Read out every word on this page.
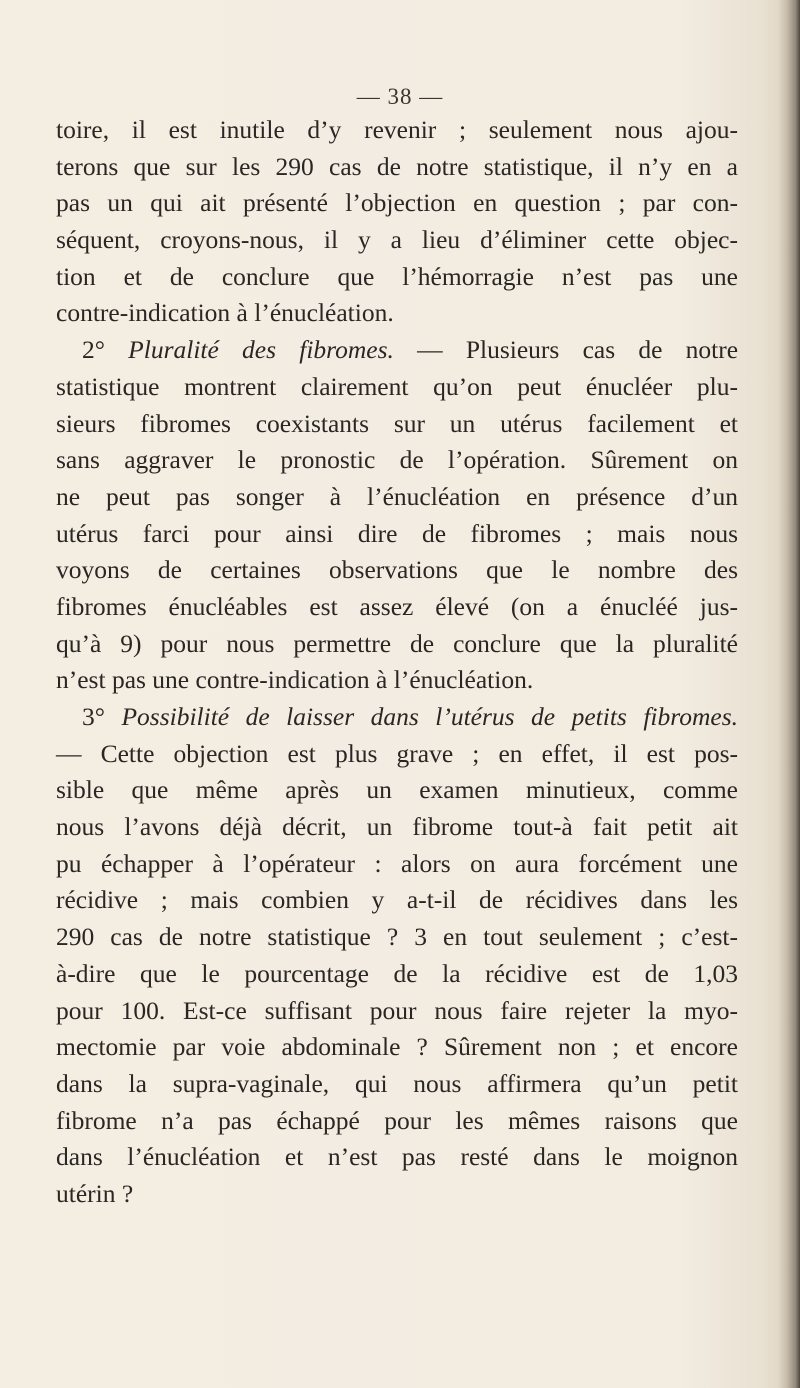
— 38 —
toire, il est inutile d’y revenir ; seulement nous ajou-
terons que sur les 290 cas de notre statistique, il n’y en a
pas un qui ait présenté l’objection en question ; par con-
séquent, croyons-nous, il y a lieu d’éliminer cette objec-
tion et de conclure que l’hémorragie n’est pas une
contre-indication à l’énucléation.
2° Pluralité des fibromes. — Plusieurs cas de notre
statistique montrent clairement qu’on peut énucléer plu-
sieurs fibromes coexistants sur un utérus facilement et
sans aggraver le pronostic de l’opération. Sûrement on
ne peut pas songer à l’énucléation en présence d’un
utérus farci pour ainsi dire de fibromes ; mais nous
voyons de certaines observations que le nombre des
fibromes énucléables est assez élevé (on a énucléé jus-
qu’à 9) pour nous permettre de conclure que la pluralité
n’est pas une contre-indication à l’énucléation.
3° Possibilité de laisser dans l’utérus de petits fibromes.
— Cette objection est plus grave ; en effet, il est pos-
sible que même après un examen minutieux, comme
nous l’avons déjà décrit, un fibrome tout-à fait petit ait
pu échapper à l’opérateur : alors on aura forcément une
récidive ; mais combien y a-t-il de récidives dans les
290 cas de notre statistique ? 3 en tout seulement ; c’est-
à-dire que le pourcentage de la récidive est de 1,03
pour 100. Est-ce suffisant pour nous faire rejeter la myo-
mectomie par voie abdominale ? Sûrement non ; et encore
dans la supra-vaginale, qui nous affirmera qu’un petit
fibrome n’a pas échappé pour les mêmes raisons que
dans l’énucléation et n’est pas resté dans le moignon
utérin ?
